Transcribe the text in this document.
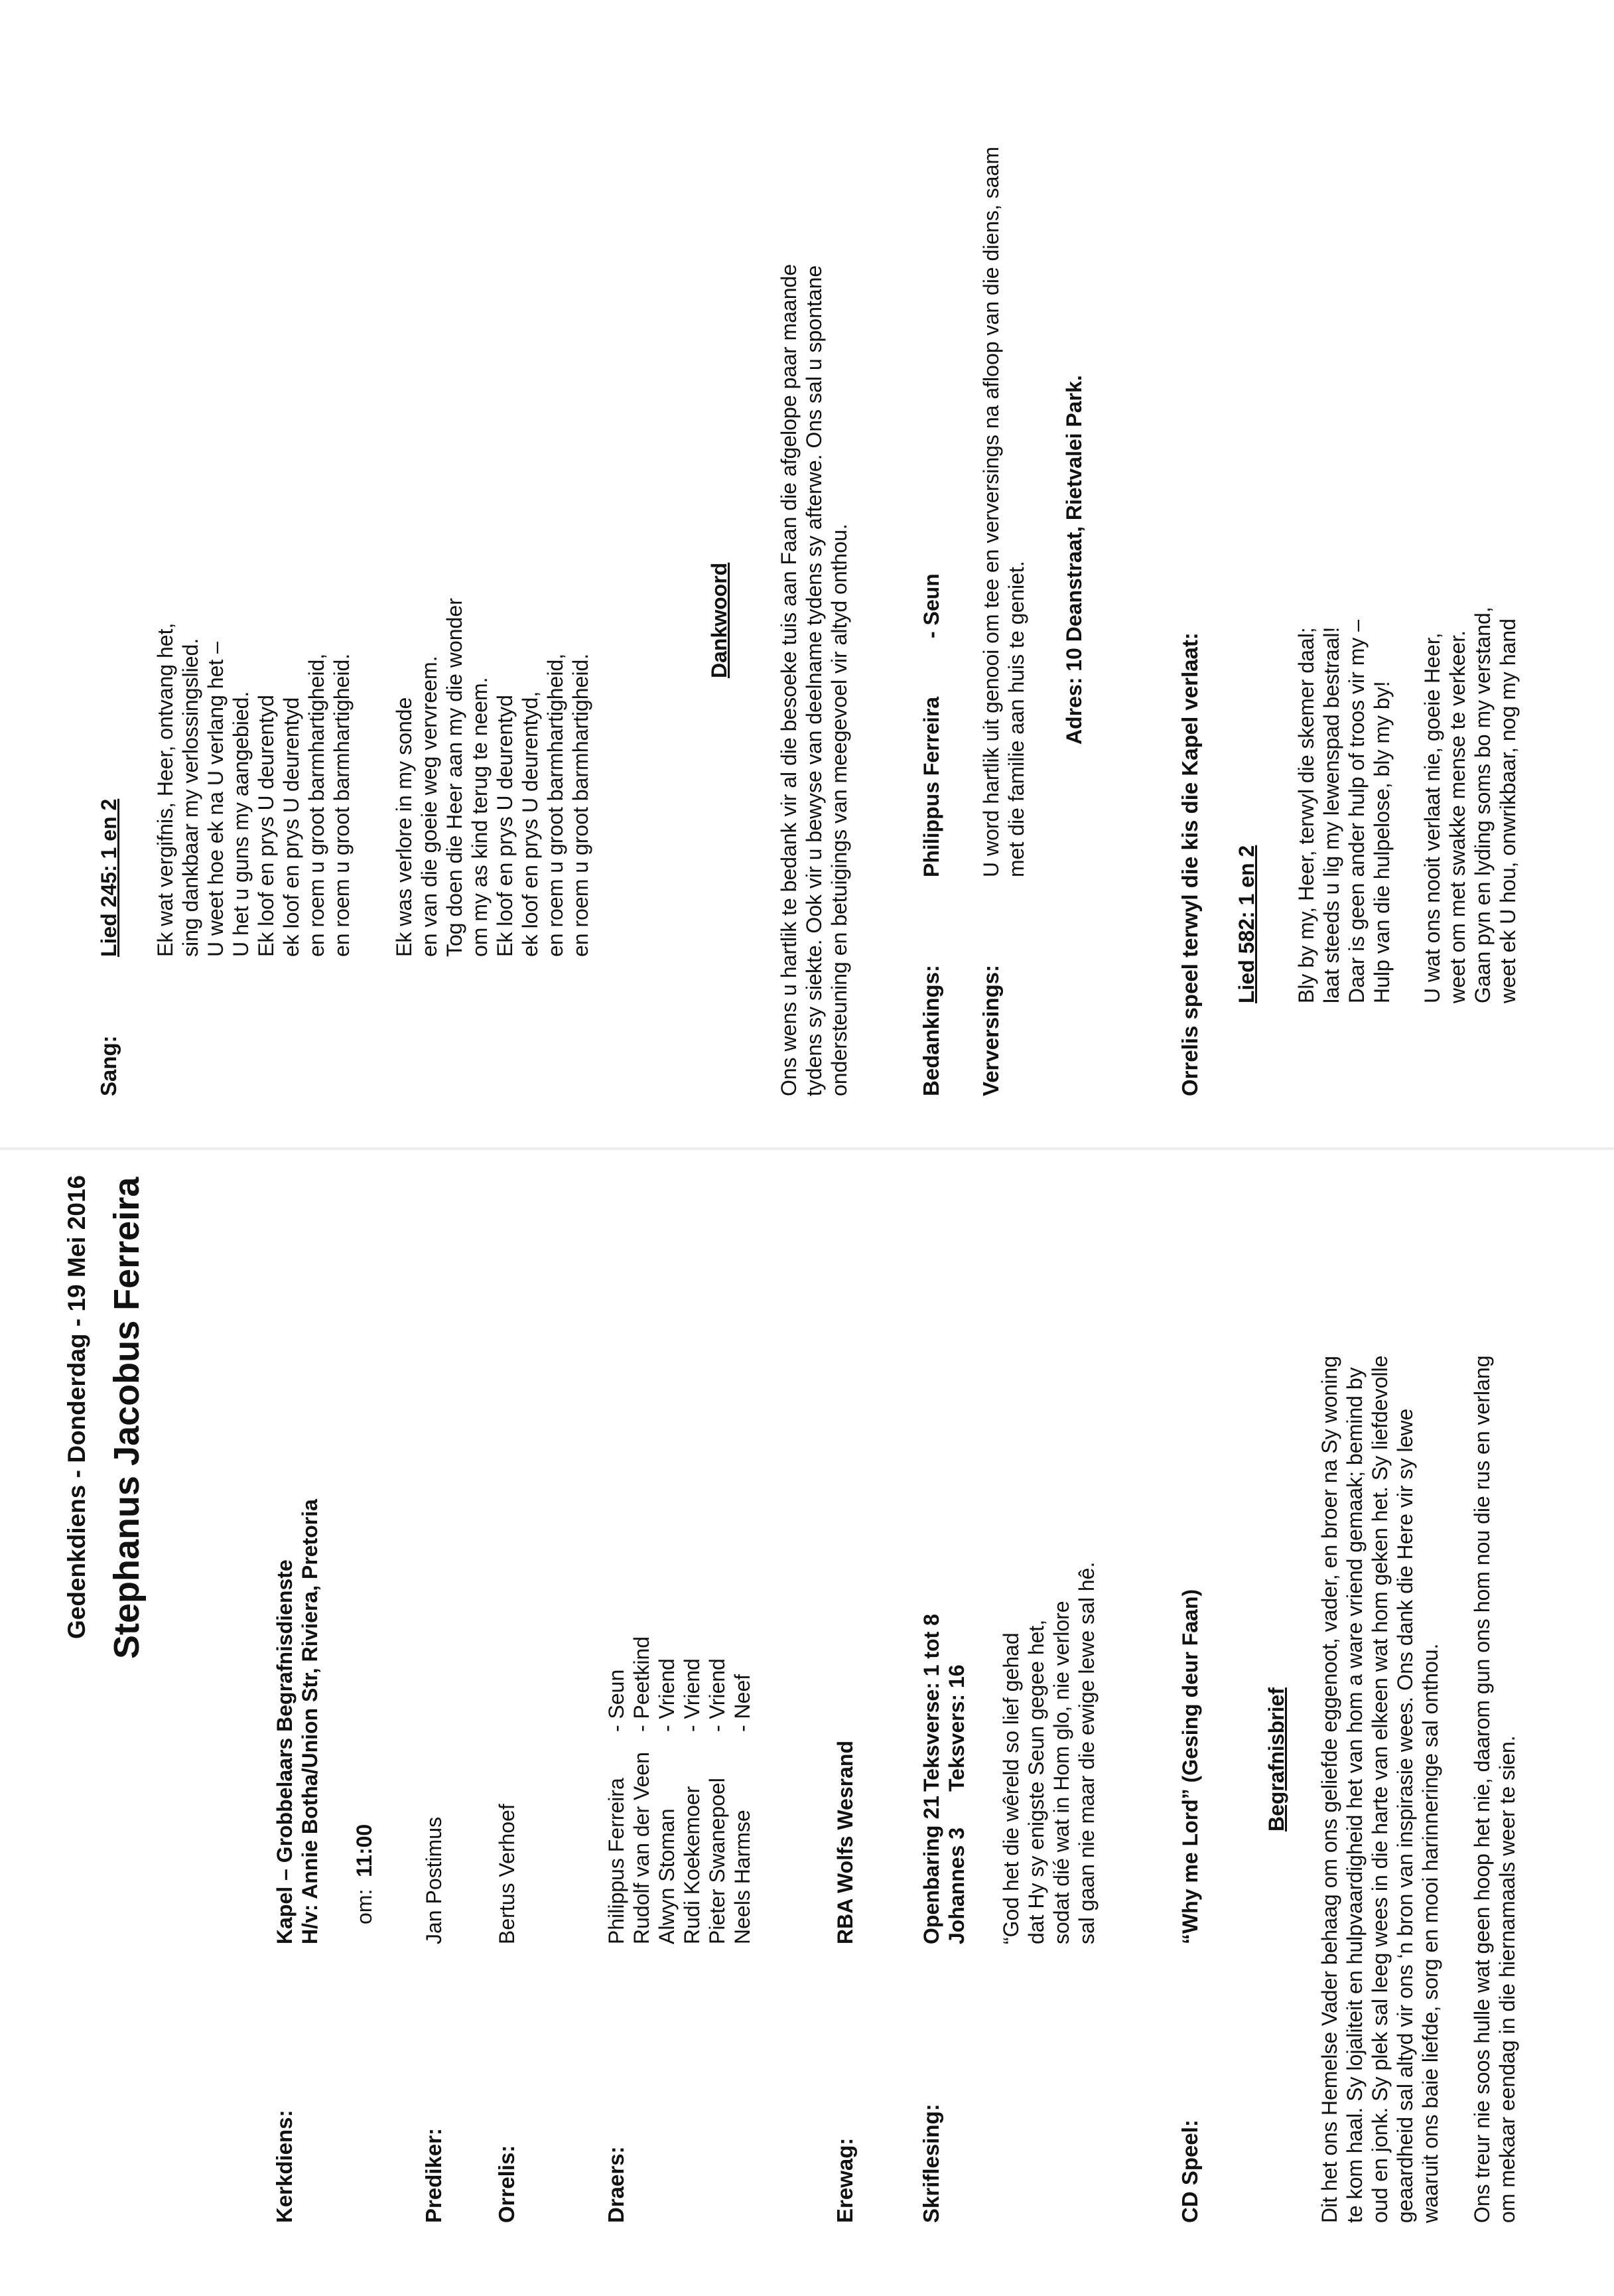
Gedenkdiens - Donderdag - 19 Mei 2016 Stephanus Jacobus Ferreira
Kerkdiens:
Kapel – Grobbelaars Begrafnisdienste H/v: Annie Botha/Union Str, Riviera, Pretoria om:  11:00
Prediker:
Jan Postimus
Orrelis:
Bertus Verhoef
Draers:
Philippus Ferreira
- Seun
Rudolf van der Veen
- Peetkind
Alwyn Stoman
- Vriend
Rudi Koekemoer
- Vriend
Pieter Swanepoel
- Vriend
Neels Harmse
- Neef
Erewag:
RBA Wolfs Wesrand
Skriflesing:
Openbaring 21
Teksverse: 1 tot 8
Johannes 3
Teksvers: 16 “God het die wêreld so lief gehad dat Hy sy enigste Seun gegee het, sodat dié wat in Hom glo, nie verlore sal gaan nie maar die ewige lewe sal hê.
CD Speel:
“Why me Lord” (Gesing deur Faan)	Begrafnisbrief Dit het ons Hemelse Vader behaag om ons geliefde eggenoot, vader, en broer na Sy woning te kom haal. Sy lojaliteit en hulpvaardigheid het van hom a ware vriend gemaak; bemind by oud en jonk. Sy plek sal leeg wees in die harte van elkeen wat hom geken het. Sy liefdevolle geaardheid sal altyd vir ons ‘n bron van inspirasie wees. Ons dank die Here vir sy lewe waaruit ons baie liefde, sorg en mooi harinneringe sal onthou. Ons treur nie soos hulle wat geen hoop het nie, daarom gun ons hom nou die rus en verlang om mekaar eendag in die hiernamaals weer te sien.
Sang:
Lied 245: 1 en 2 Ek wat vergifnis, Heer, ontvang het, sing dankbaar my verlossingslied. U weet hoe ek na U verlang het – U het u guns my aangebied. Ek loof en prys U deurentyd ek loof en prys U deurentyd en roem u groot barmhartigheid, en roem u groot barmhartigheid. Ek was verlore in my sonde en van die goeie weg vervreem. Tog doen die Heer aan my die wonder om my as kind terug te neem. Ek loof en prys U deurentyd ek loof en prys U deurentyd, en roem u groot barmhartigheid, en roem u groot barmhartigheid.
Dankwoord Ons wens u hartlik te bedank vir al die besoeke tuis aan Faan die afgelope paar maande tydens sy siekte. Ook vir u bewyse van deelname tydens sy afterwe. Ons sal u spontane ondersteuning en betuigings van meegevoel vir altyd onthou.	Bedankings:
Philippus Ferreira
- Seun
Verversings:
U word hartlik uit genooi om tee en verversings na afloop van die diens, saam met die familie aan huis te geniet. Adres: 10 Deanstraat, Rietvalei Park.
Orrelis speel terwyl die kis die Kapel verlaat: Lied 582: 1 en 2 Bly by my, Heer, terwyl die skemer daal; laat steeds u lig my lewenspad bestraal! Daar is geen ander hulp of troos vir my – Hulp van die hulpelose, bly my by! U wat ons nooit verlaat nie, goeie Heer, weet om met swakke mense te verkeer. Gaan pyn en lyding soms bo my verstand, weet ek U hou, onwrikbaar, nog my hand
